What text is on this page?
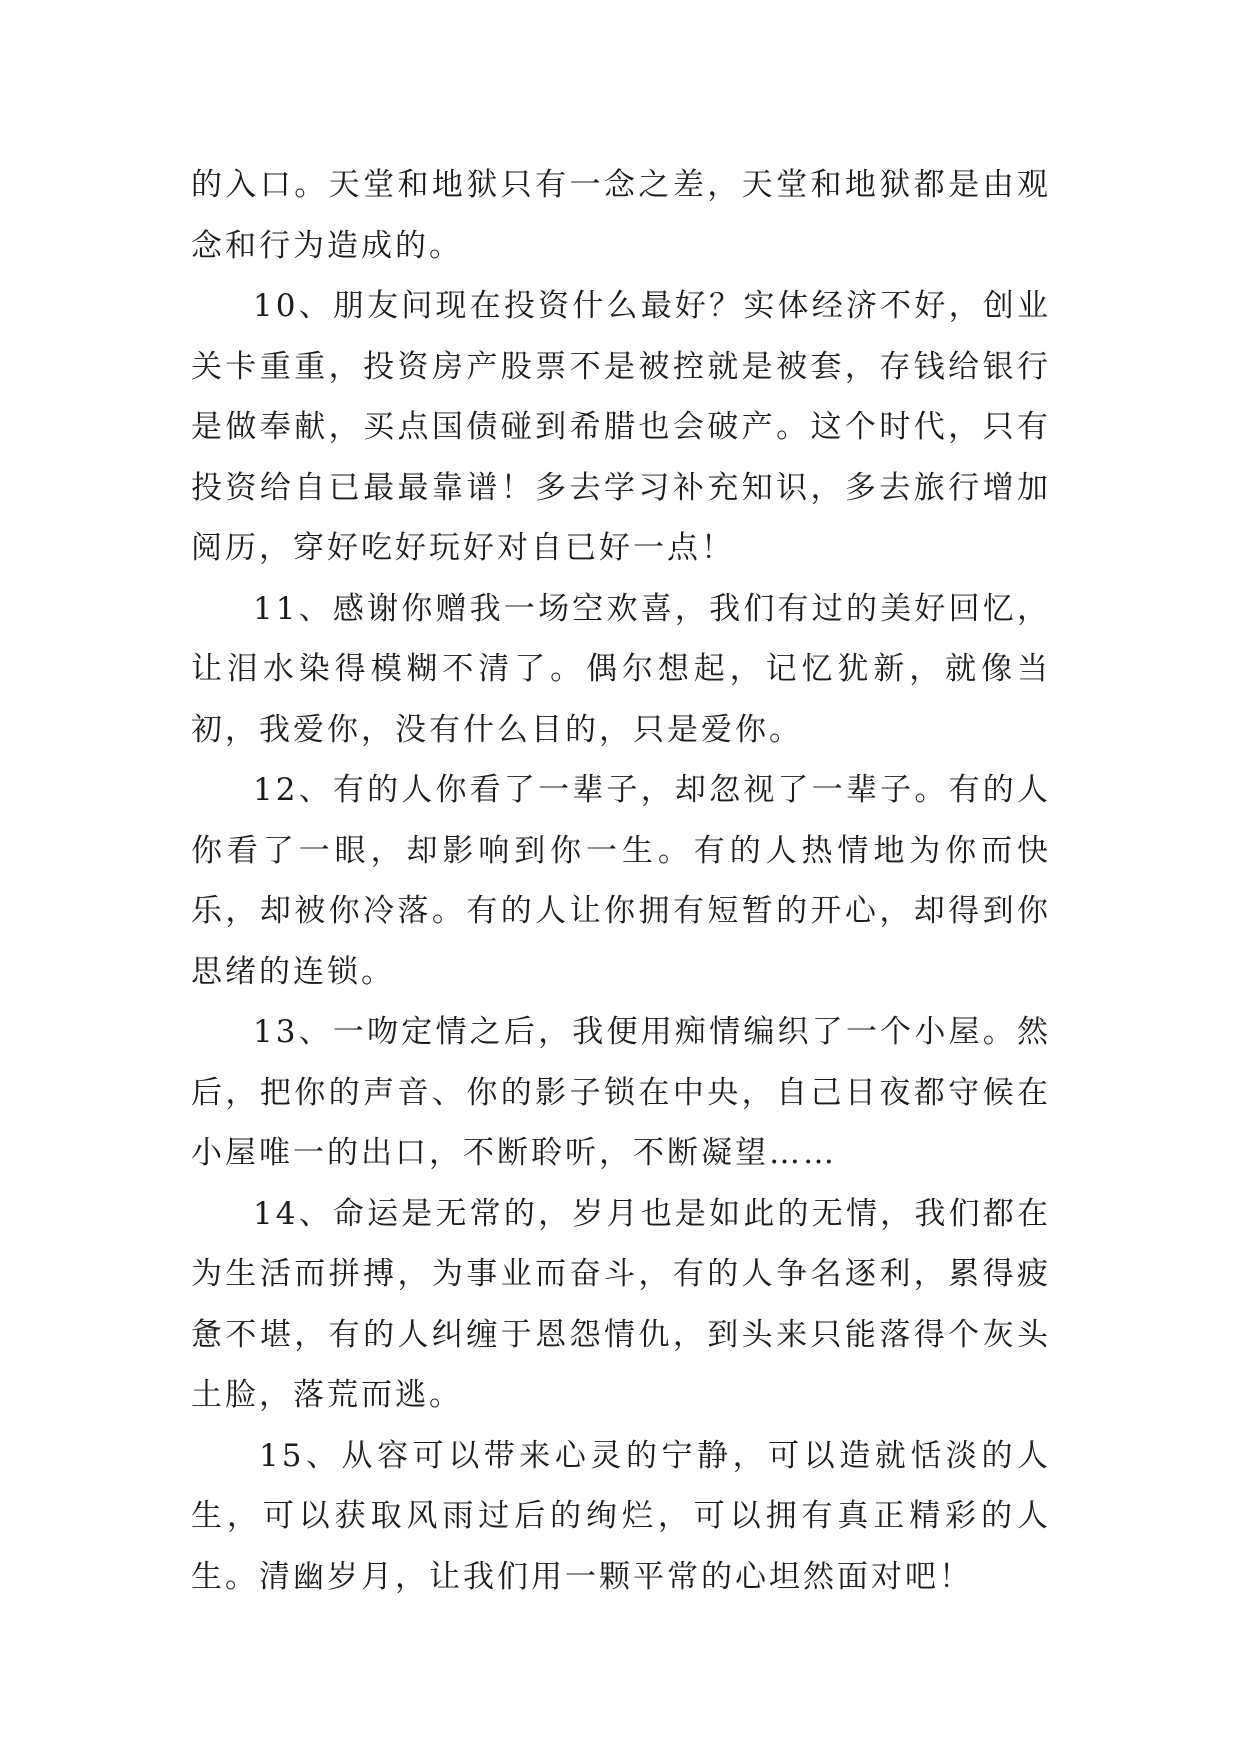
的入口。天堂和地狱只有一念之差，天堂和地狱都是由观念和行为造成的。

10、朋友问现在投资什么最好？实体经济不好，创业关卡重重，投资房产股票不是被控就是被套，存钱给银行是做奉献，买点国债碰到希腊也会破产。这个时代，只有投资给自已最最靠谱！多去学习补充知识，多去旅行增加阅历，穿好吃好玩好对自已好一点！

11、感谢你赠我一场空欢喜，我们有过的美好回忆，让泪水染得模糊不清了。偶尔想起，记忆犹新，就像当初，我爱你，没有什么目的，只是爱你。

12、有的人你看了一辈子，却忽视了一辈子。有的人你看了一眼，却影响到你一生。有的人热情地为你而快乐，却被你冷落。有的人让你拥有短暂的开心，却得到你思绪的连锁。

13、一吻定情之后，我便用痴情编织了一个小屋。然后，把你的声音、你的影子锁在中央，自己日夜都守候在小屋唯一的出口，不断聆听，不断凝望……

14、命运是无常的，岁月也是如此的无情，我们都在为生活而拼搏，为事业而奋斗，有的人争名逐利，累得疲惫不堪，有的人纠缠于恩怨情仇，到头来只能落得个灰头土脸，落荒而逃。

15、从容可以带来心灵的宁静，可以造就恬淡的人生，可以获取风雨过后的绚烂，可以拥有真正精彩的人生。清幽岁月，让我们用一颗平常的心坦然面对吧！
